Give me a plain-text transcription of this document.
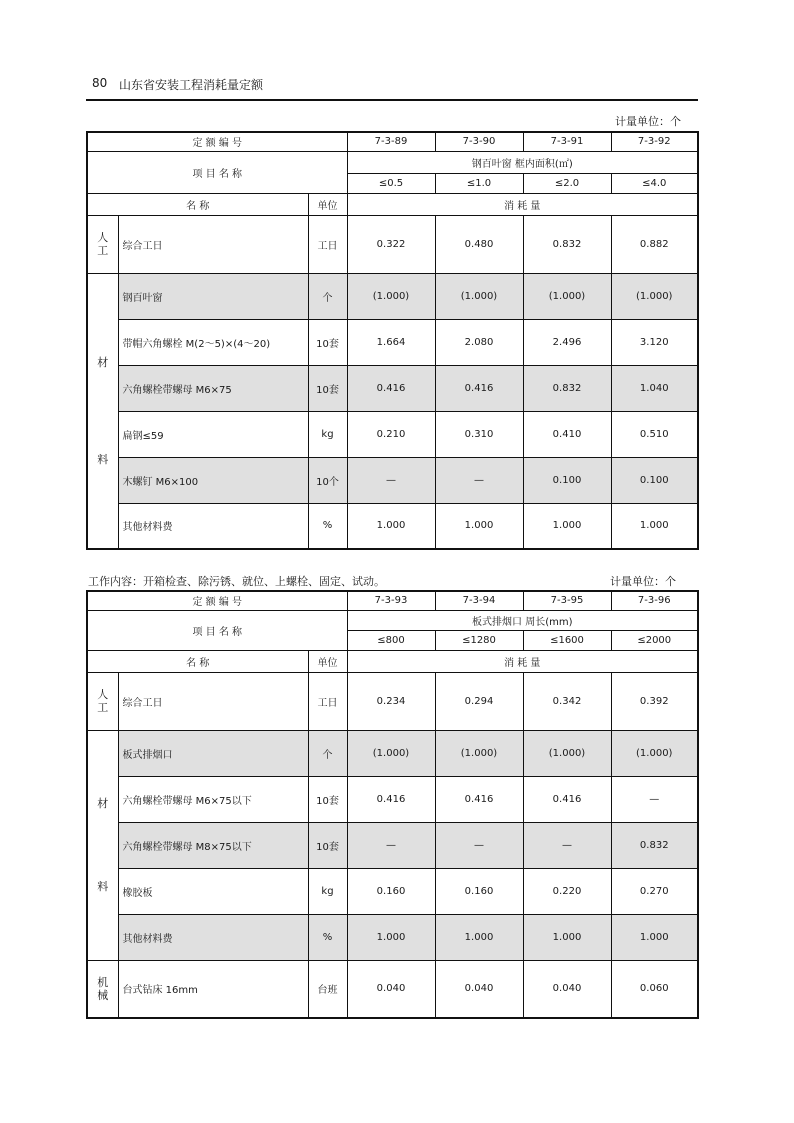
80 山东省安装工程消耗量定额
计量单位：个
定 额 编 号			7-3-89	7-3-90	7-3-91	7-3-92
项 目 名 称			钢百叶窗 框内面积(㎡)			
			≤0.5	≤1.0	≤2.0	≤4.0
名 称		单位	消 耗 量			

人
工	综合工日	工日	0.322	0.480	0.832	0.882

材
料	钢百叶窗	个	(1.000)	(1.000)	(1.000)	(1.000)
	带帽六角螺栓 M(2～5)×(4～20)	10套	1.664	2.080	2.496	3.120
	六角螺栓带螺母 M6×75	10套	0.416	0.416	0.832	1.040
	扁钢≤59	kg	0.210	0.310	0.410	0.510
	木螺钉 M6×100	10个	—	—	0.100	0.100
	其他材料费	%	1.000	1.000	1.000	1.000
工作内容：开箱检查、除污锈、就位、上螺栓、固定、试动。	计量单位：个
定 额 编 号			7-3-93	7-3-94	7-3-95	7-3-96
项 目 名 称			板式排烟口 周长(mm)			
			≤800	≤1280	≤1600	≤2000
名 称		单位	消 耗 量			

人
工	综合工日	工日	0.234	0.294	0.342	0.392

材
料	板式排烟口	个	(1.000)	(1.000)	(1.000)	(1.000)
	六角螺栓带螺母 M6×75以下	10套	0.416	0.416	0.416	—
	六角螺栓带螺母 M8×75以下	10套	—	—	—	0.832
	橡胶板	kg	0.160	0.160	0.220	0.270
	其他材料费	%	1.000	1.000	1.000	1.000

机
械	台式钻床 16mm	台班	0.040	0.040	0.040	0.060
